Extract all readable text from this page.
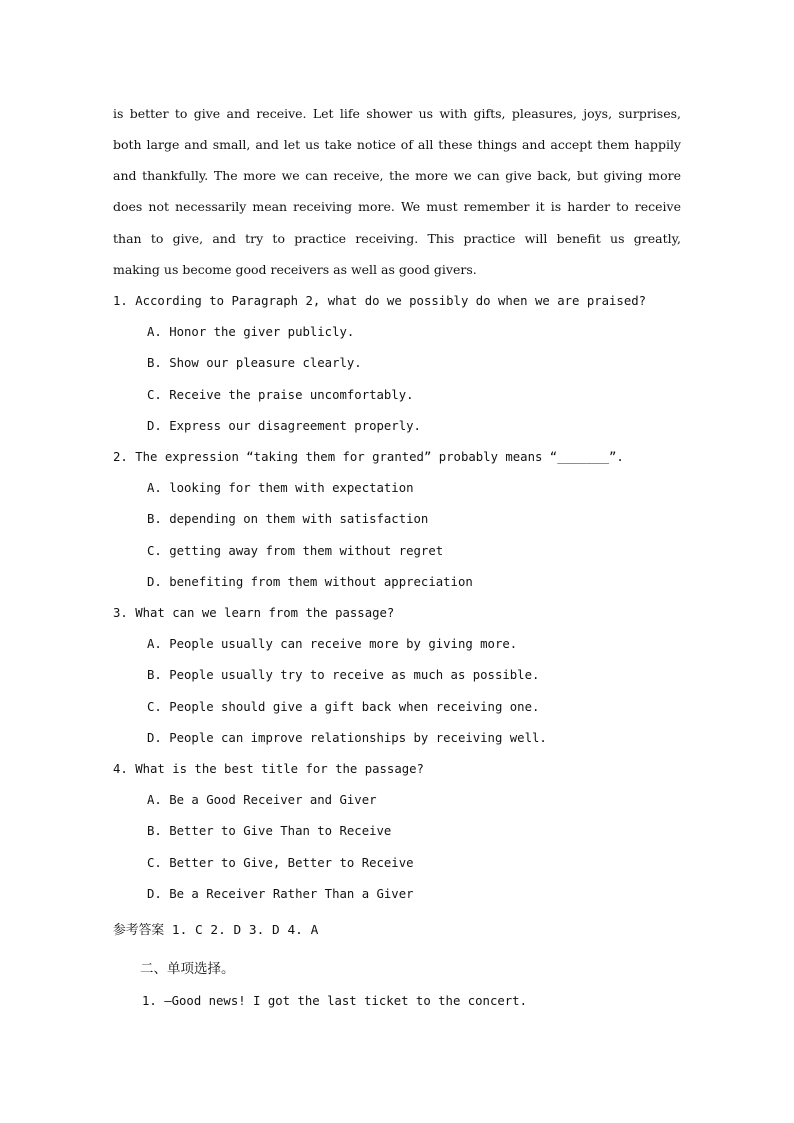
is better to give and receive. Let life shower us with gifts, pleasures, joys, surprises,
both large and small, and let us take notice of all these things and accept them happily
and thankfully. The more we can receive, the more we can give back, but giving more
does not necessarily mean receiving more. We must remember it is harder to receive
than to give, and try to practice receiving. This practice will benefit us greatly,
making us become good receivers as well as good givers.
1. According to Paragraph 2, what do we possibly do when we are praised?
A. Honor the giver publicly.
B. Show our pleasure clearly.
C. Receive the praise uncomfortably.
D. Express our disagreement properly.
2. The expression “taking them for granted” probably means “_______”.
A. looking for them with expectation
B. depending on them with satisfaction
C. getting away from them without regret
D. benefiting from them without appreciation
3. What can we learn from the passage?
A. People usually can receive more by giving more.
B. People usually try to receive as much as possible.
C. People should give a gift back when receiving one.
D. People can improve relationships by receiving well.
4. What is the best title for the passage?
A. Be a Good Receiver and Giver
B. Better to Give Than to Receive
C. Better to Give, Better to Receive
D. Be a Receiver Rather Than a Giver
参考答案 1. C 2. D 3. D 4. A
二、单项选择。
1. —Good news! I got the last ticket to the concert.
